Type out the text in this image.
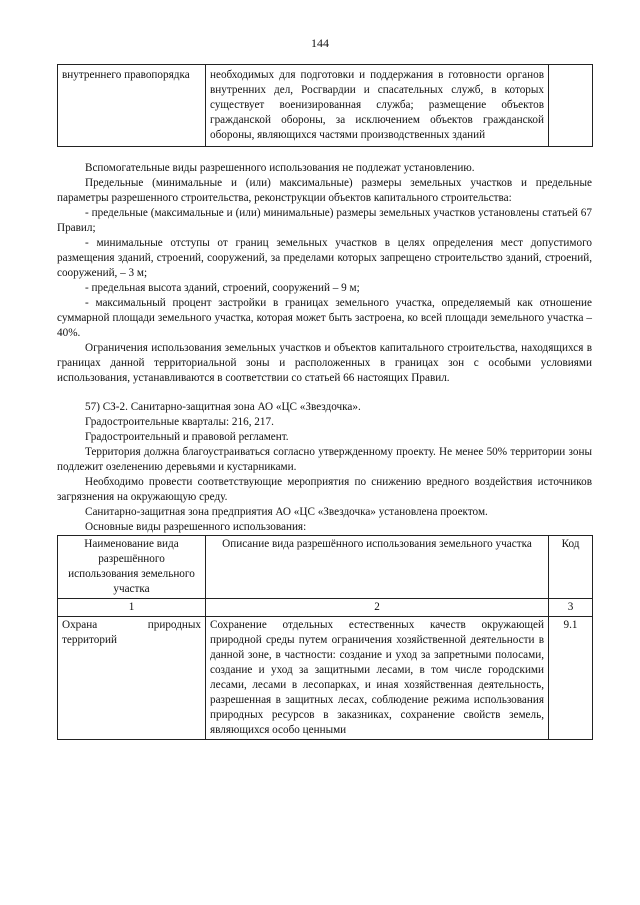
144
внутреннего правопорядка	необходимых для подготовки и поддержания в готовности органов внутренних дел, Росгвардии и спасательных служб, в которых существует военизированная служба; размещение объектов гражданской обороны, за исключением объектов гражданской обороны, являющихся частями производственных зданий	

Вспомогательные виды разрешенного использования не подлежат установлению.

Предельные (минимальные и (или) максимальные) размеры земельных участков и предельные параметры разрешенного строительства, реконструкции объектов капитального строительства:

- предельные (максимальные и (или) минимальные) размеры земельных участков установлены статьей 67 Правил;

- минимальные отступы от границ земельных участков в целях определения мест допустимого размещения зданий, строений, сооружений, за пределами которых запрещено строительство зданий, строений, сооружений, – 3 м;

- предельная высота зданий, строений, сооружений – 9 м;

- максимальный процент застройки в границах земельного участка, определяемый как отношение суммарной площади земельного участка, которая может быть застроена, ко всей площади земельного участка – 40%.

Ограничения использования земельных участков и объектов капитального строительства, находящихся в границах данной территориальной зоны и расположенных в границах зон с особыми условиями использования, устанавливаются в соответствии со статьей 66 настоящих Правил.

57) СЗ-2. Санитарно-защитная зона АО «ЦС «Звездочка».

Градостроительные кварталы: 216, 217.

Градостроительный и правовой регламент.

Территория должна благоустраиваться согласно утвержденному проекту. Не менее 50% территории зоны подлежит озеленению деревьями и кустарниками.

Необходимо провести соответствующие мероприятия по снижению вредного воздействия источников загрязнения на окружающую среду.

Санитарно-защитная зона предприятия АО «ЦС «Звездочка» установлена проектом.

Основные виды разрешенного использования:

Наименование вида разрешённого использования земельного участка	Описание вида разрешённого использования земельного участка	Код
1	2	3
Охрана природных территорий	Сохранение отдельных естественных качеств окружающей природной среды путем ограничения хозяйственной деятельности в данной зоне, в частности: создание и уход за запретными полосами, создание и уход за защитными лесами, в том числе городскими лесами, лесами в лесопарках, и иная хозяйственная деятельность, разрешенная в защитных лесах, соблюдение режима использования природных ресурсов в заказниках, сохранение свойств земель, являющихся особо ценными	9.1
